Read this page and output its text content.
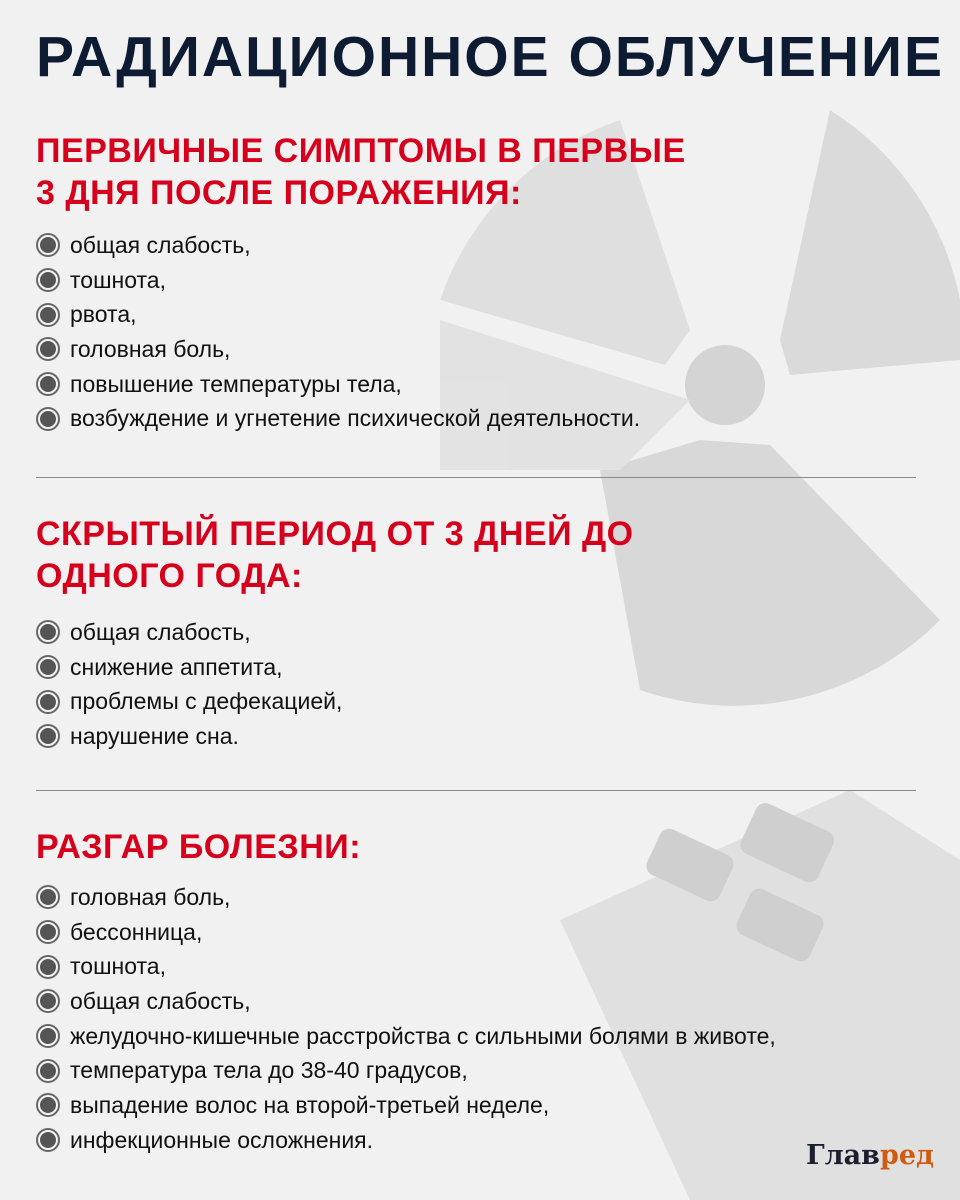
РАДИАЦИОННОЕ ОБЛУЧЕНИЕ
ПЕРВИЧНЫЕ СИМПТОМЫ В ПЕРВЫЕ
3 ДНЯ ПОСЛЕ ПОРАЖЕНИЯ:
общая слабость,
тошнота,
рвота,
головная боль,
повышение температуры тела,
возбуждение и угнетение психической деятельности.
СКРЫТЫЙ ПЕРИОД ОТ 3 ДНЕЙ ДО
ОДНОГО ГОДА:
общая слабость,
снижение аппетита,
проблемы с дефекацией,
нарушение сна.
РАЗГАР БОЛЕЗНИ:
головная боль,
бессонница,
тошнота,
общая слабость,
желудочно-кишечные расстройства с сильными болями в животе,
температура тела до 38-40 градусов,
выпадение волос на второй-третьей неделе,
инфекционные осложнения.
Главред
